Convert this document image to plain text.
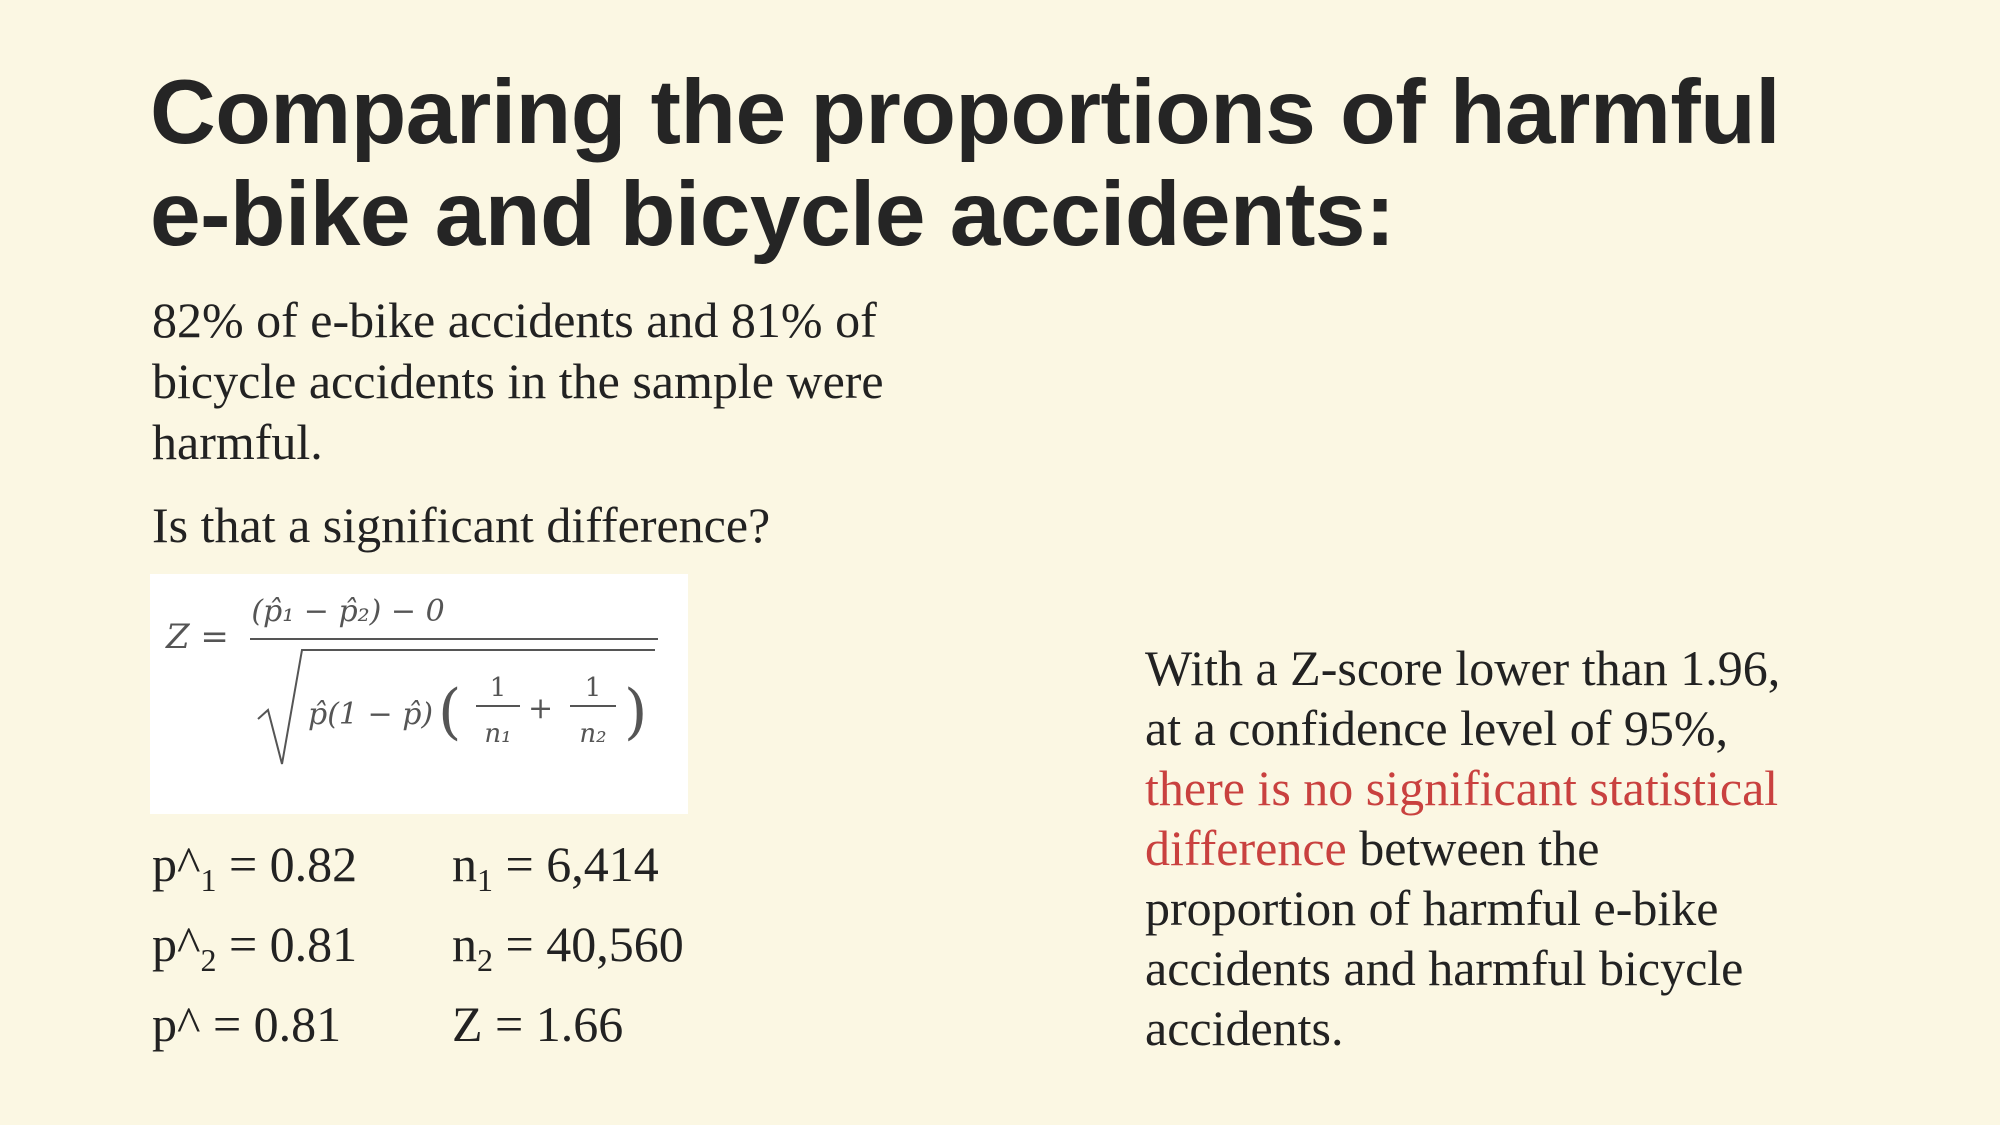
Comparing the proportions of harmful
e-bike and bicycle accidents:

82% of e-bike accidents and 81% of
bicycle accidents in the sample were
harmful.

Is that a significant difference?

Z =
(p̂₁ − p̂₂) − 0
p̂(1 − p̂) ( 1
n₁
+
1
n₂ )
$p\^{}_1 = 0.82$ $n_1 = 6,414$
$p\^{}_2 = 0.81$ $n_2 = 40,560$
p^ = 0.81 Z = 1.66

With a Z-score lower than 1.96,
at a confidence level of 95%,
there is no significant statistical
difference between the
proportion of harmful e-bike
accidents and harmful bicycle
accidents.
